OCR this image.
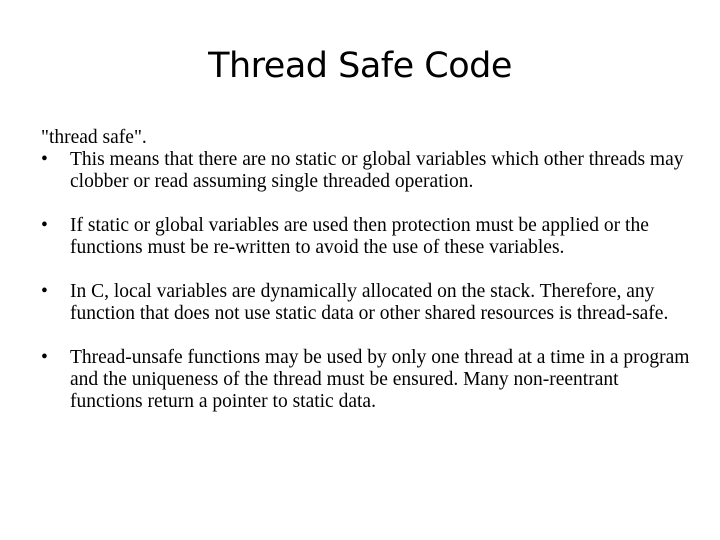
Thread Safe Code

"thread safe".

•	This means that there are no static or global variables which other threads may clobber or read assuming single threaded operation.
•	If static or global variables are used then protection must be applied or the functions must be re-written to avoid the use of these variables.
•	In C, local variables are dynamically allocated on the stack. Therefore, any function that does not use static data or other shared resources is thread-safe.
•	Thread-unsafe functions may be used by only one thread at a time in a program and the uniqueness of the thread must be ensured. Many non-reentrant functions return a pointer to static data.
